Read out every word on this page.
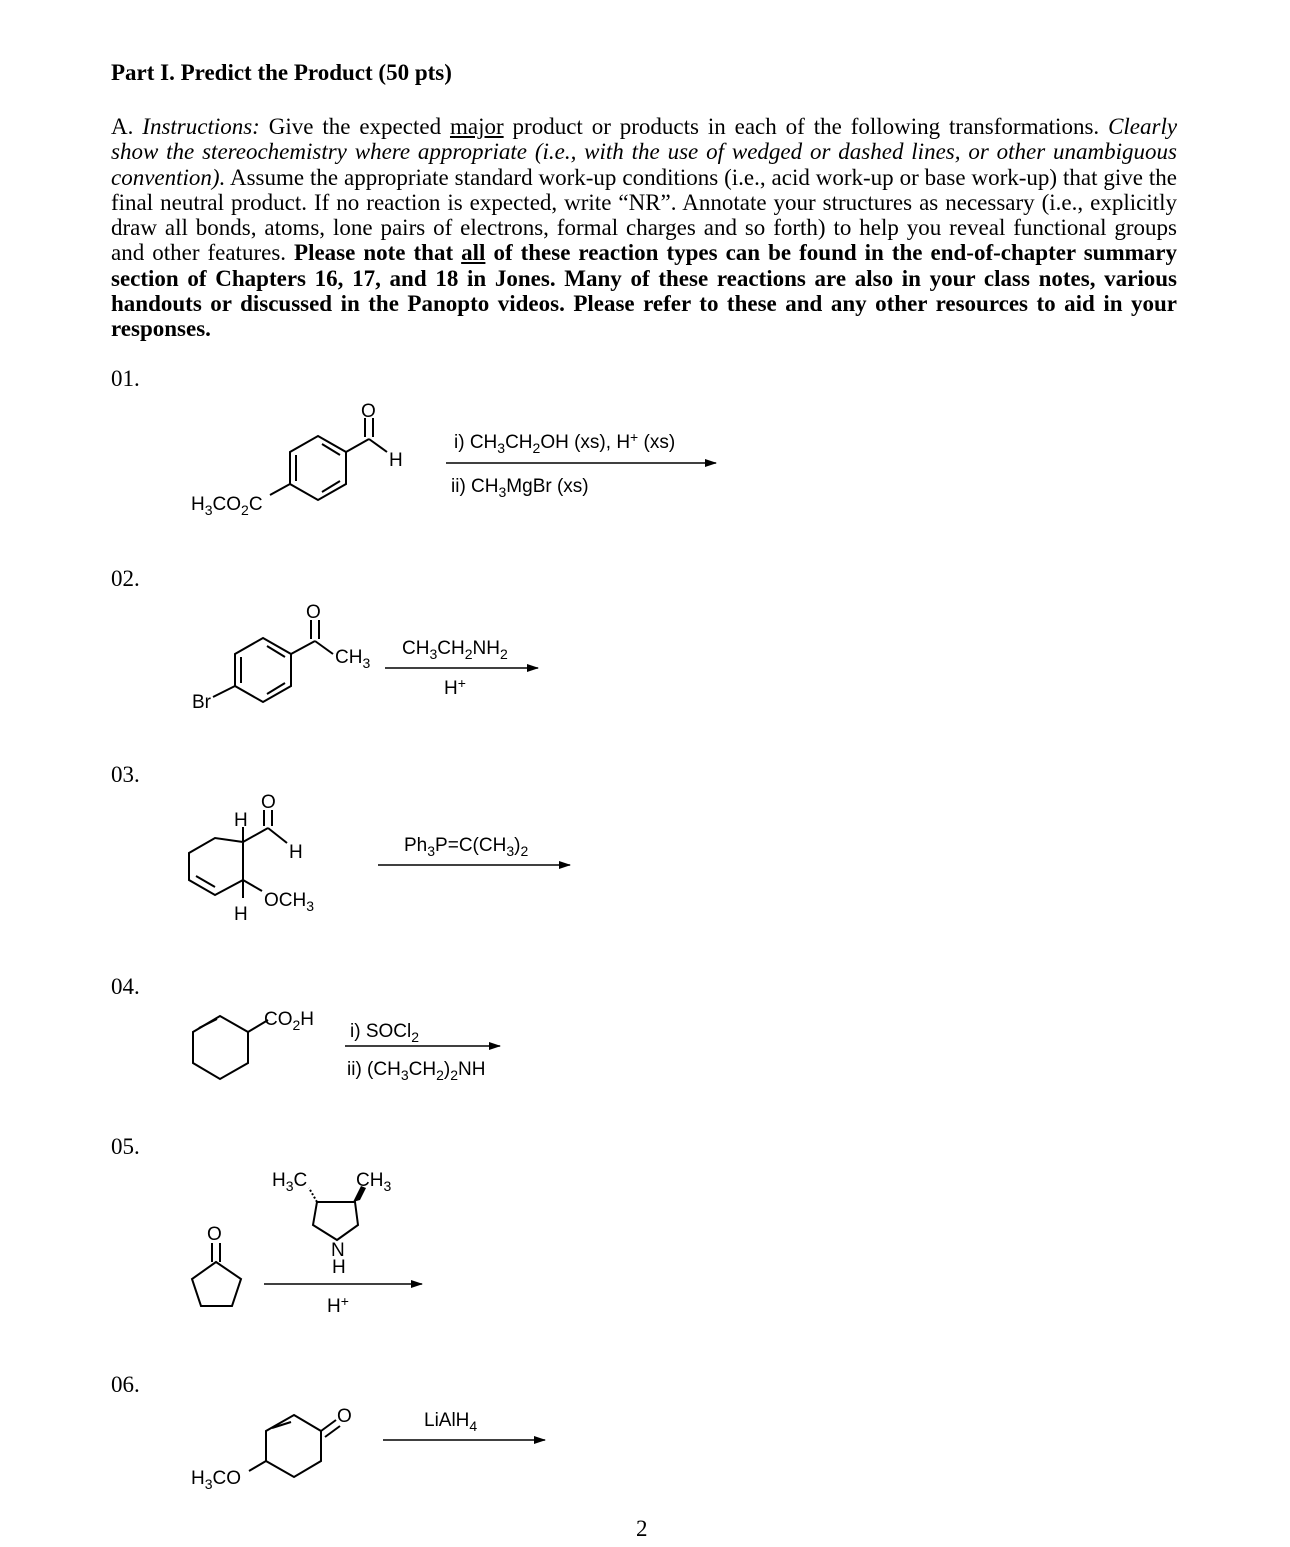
Part I. Predict the Product (50 pts)

A. Instructions: Give the expected major product or products in each of the following transformations. Clearly show the stereochemistry where appropriate (i.e., with the use of wedged or dashed lines, or other unambiguous convention). Assume the appropriate standard work-up conditions (i.e., acid work-up or base work-up) that give the final neutral product. If no reaction is expected, write “NR”. Annotate your structures as necessary (i.e., explicitly draw all bonds, atoms, lone pairs of electrons, formal charges and so forth) to help you reveal functional groups and other features. Please note that all of these reaction types can be found in the end-of-chapter summary section of Chapters 16, 17, and 18 in Jones. Many of these reactions are also in your class notes, various handouts or discussed in the Panopto videos. Please refer to these and any other resources to aid in your responses.

01.
02.
03.
04.
05.
06.
O
H
H3CO2C
i) CH3CH2OH (xs), H+ (xs)
ii) CH3MgBr (xs)
O
CH3
Br
CH3CH2NH2
H+
O
H
H
OCH3
H
Ph3P=C(CH3)2
CO2H
i) SOCl2
ii) (CH3CH2)2NH
O
H3C	CH3
N
H
H+
O
H3CO
LiAlH4
2
